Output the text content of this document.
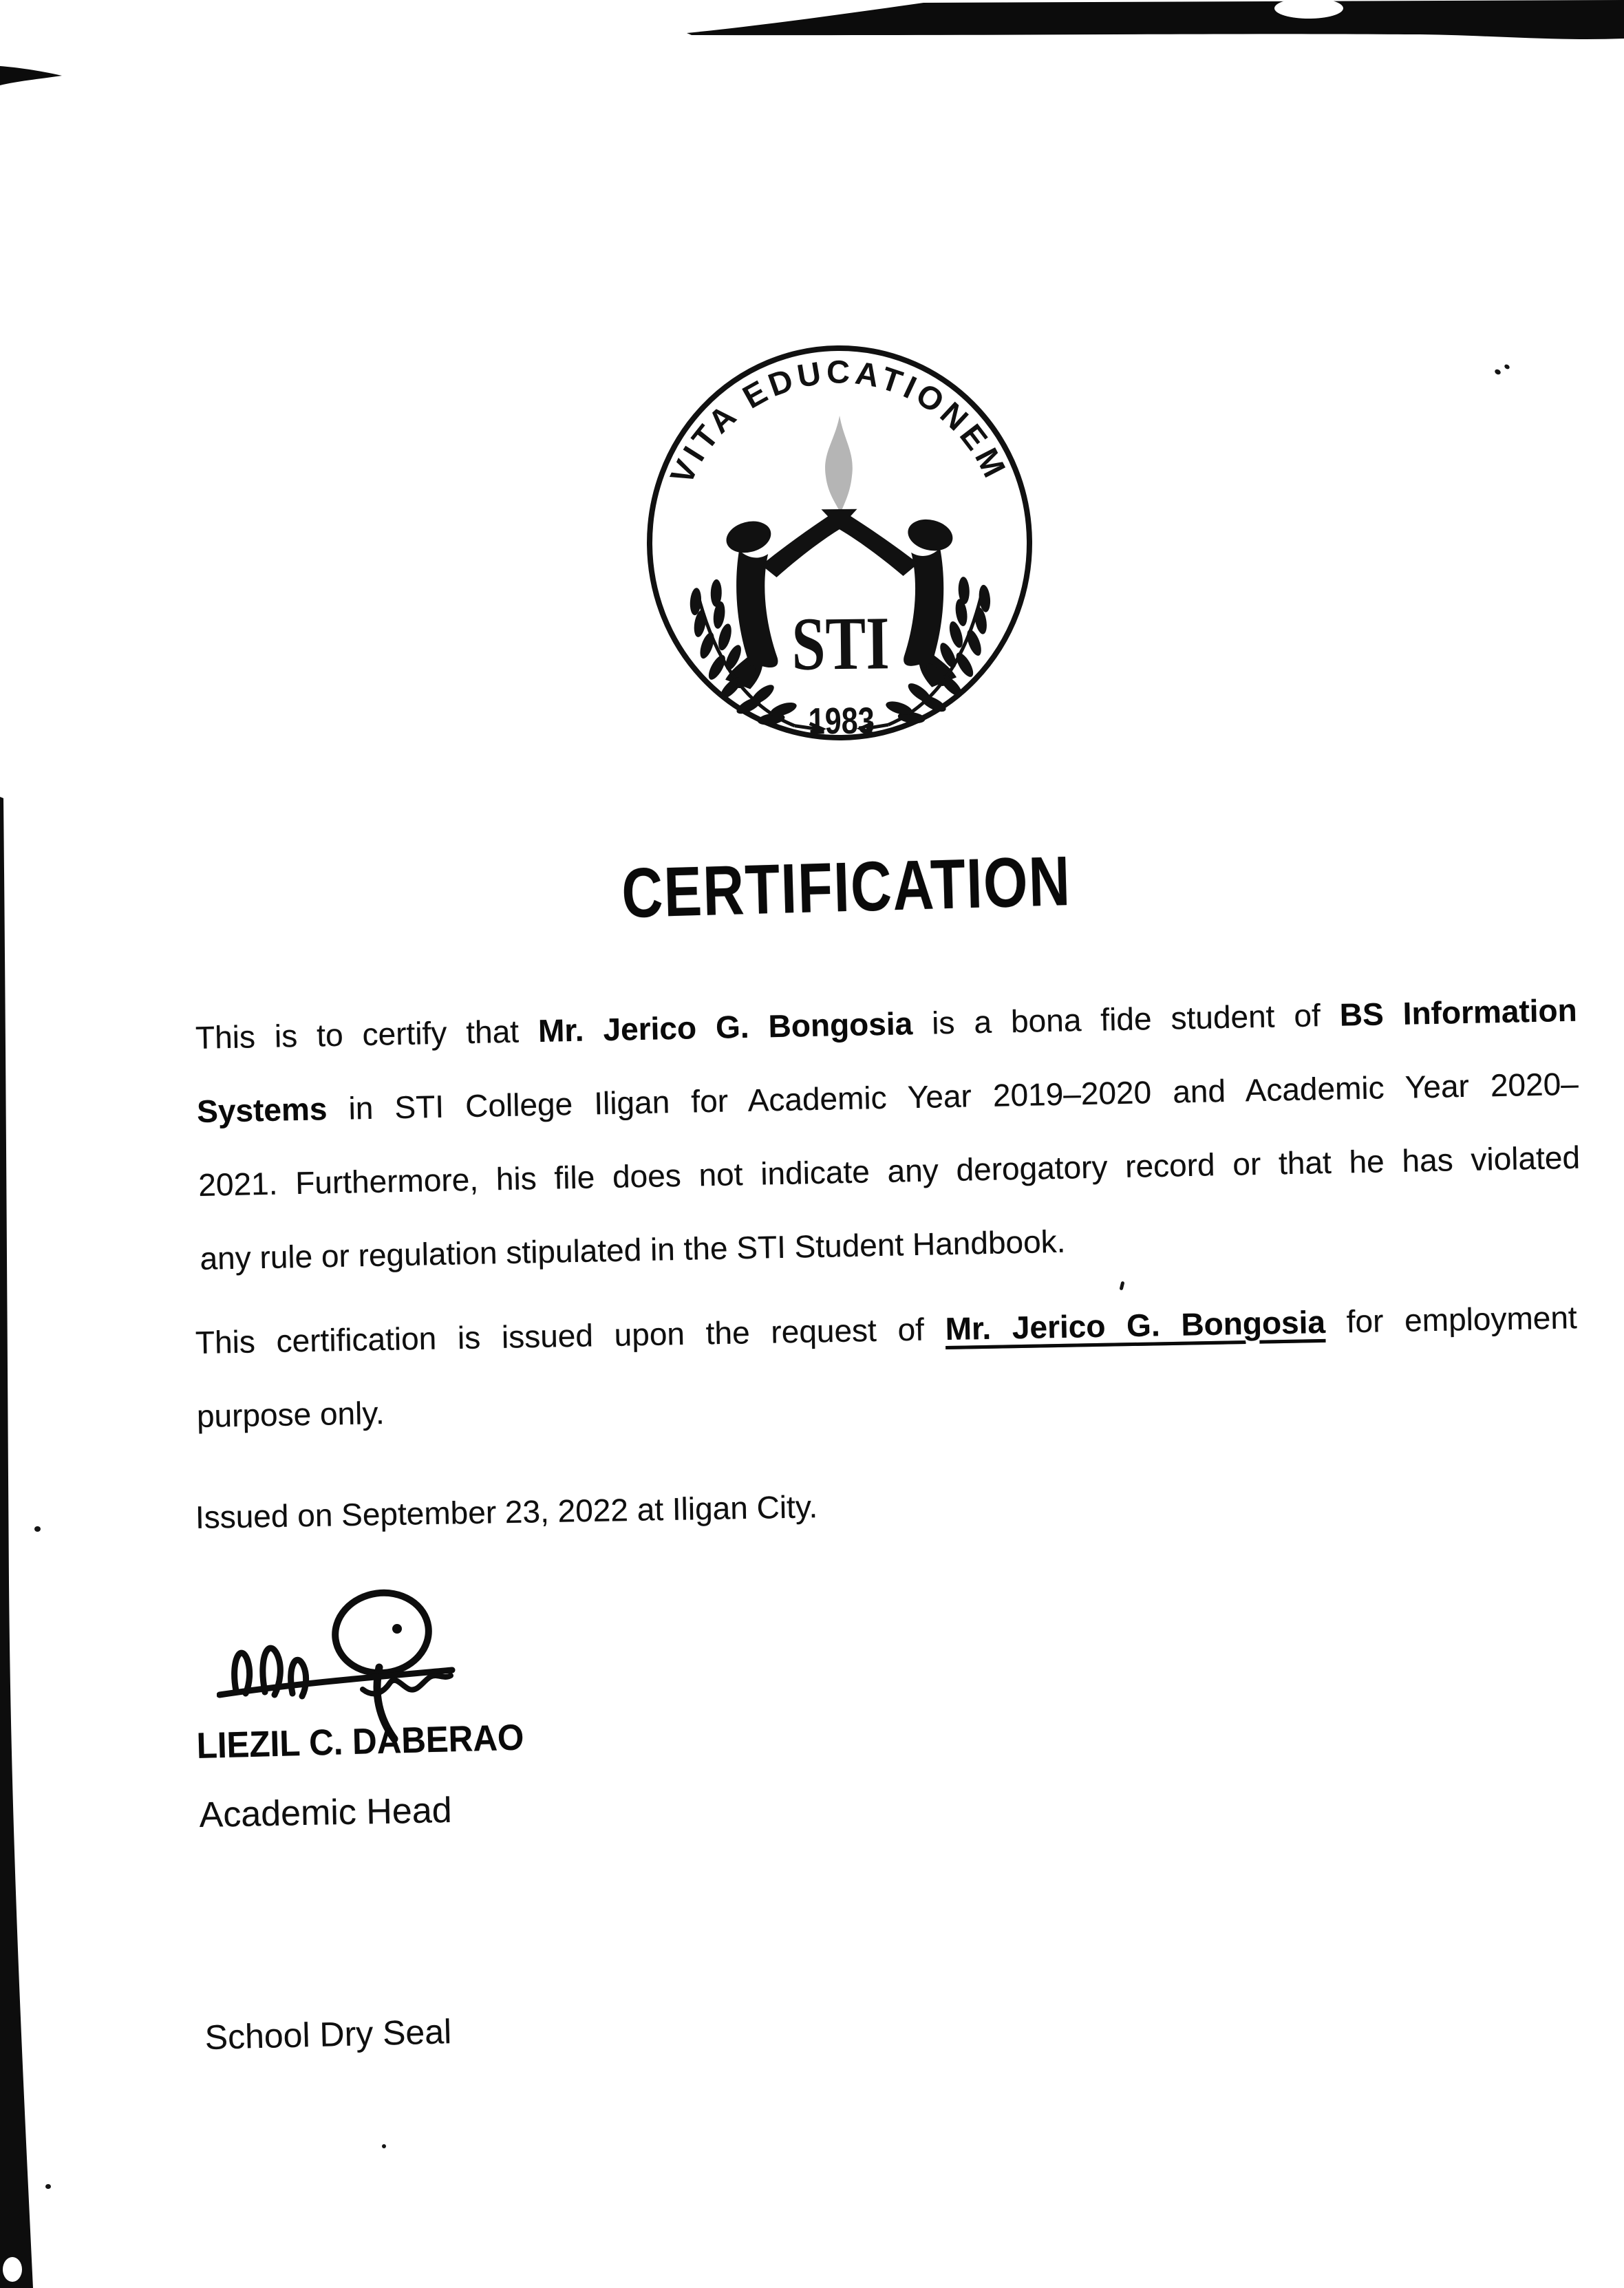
VITA EDUCATIONEM
STI
1983
CERTIFICATION
This is to certify that Mr. Jerico G. Bongosia is a bona fide student of BS Information
Systems in STI College Iligan for Academic Year 2019–2020 and Academic Year 2020–
2021. Furthermore, his file does not indicate any derogatory record or that he has violated
any rule or regulation stipulated in the STI Student Handbook.
This certification is issued upon the request of Mr. Jerico G. Bongosia for employment
purpose only.
Issued on September 23, 2022 at Iligan City.
LIEZIL C. DABERAO
Academic Head
School Dry Seal
